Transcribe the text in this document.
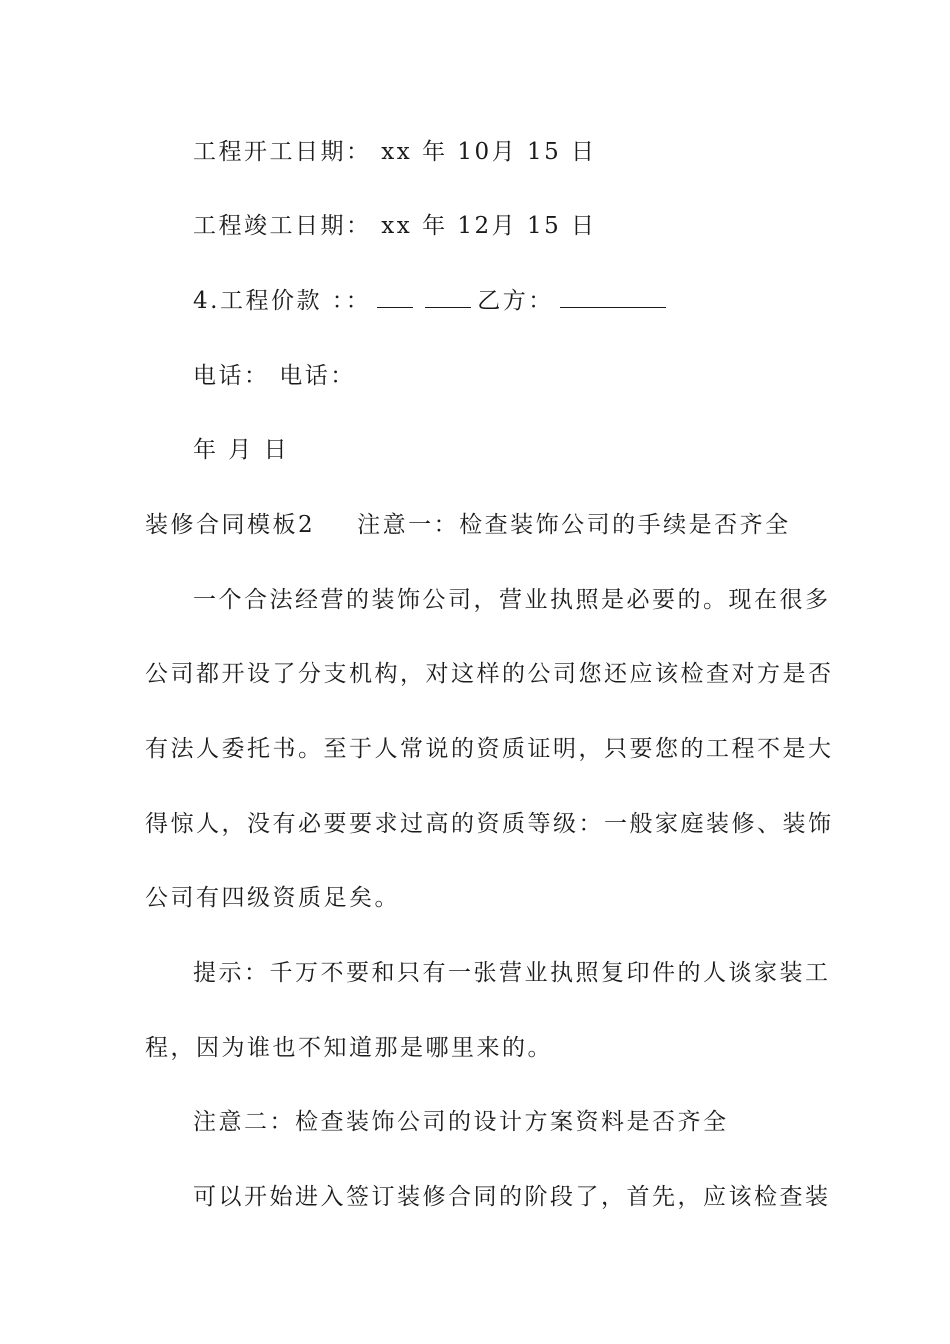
工程开工日期： xx 年 10月 15 日
工程竣工日期： xx 年 12月 15 日
4.工程价款 ：：	乙方：
电话： 电话：
年 月 日
装修合同模板2 注意一：检查装饰公司的手续是否齐全
一个合法经营的装饰公司，营业执照是必要的。现在很多
公司都开设了分支机构，对这样的公司您还应该检查对方是否
有法人委托书。至于人常说的资质证明，只要您的工程不是大
得惊人，没有必要要求过高的资质等级：一般家庭装修、装饰
公司有四级资质足矣。
提示：千万不要和只有一张营业执照复印件的人谈家装工
程，因为谁也不知道那是哪里来的。
注意二：检查装饰公司的设计方案资料是否齐全
可以开始进入签订装修合同的阶段了，首先，应该检查装
